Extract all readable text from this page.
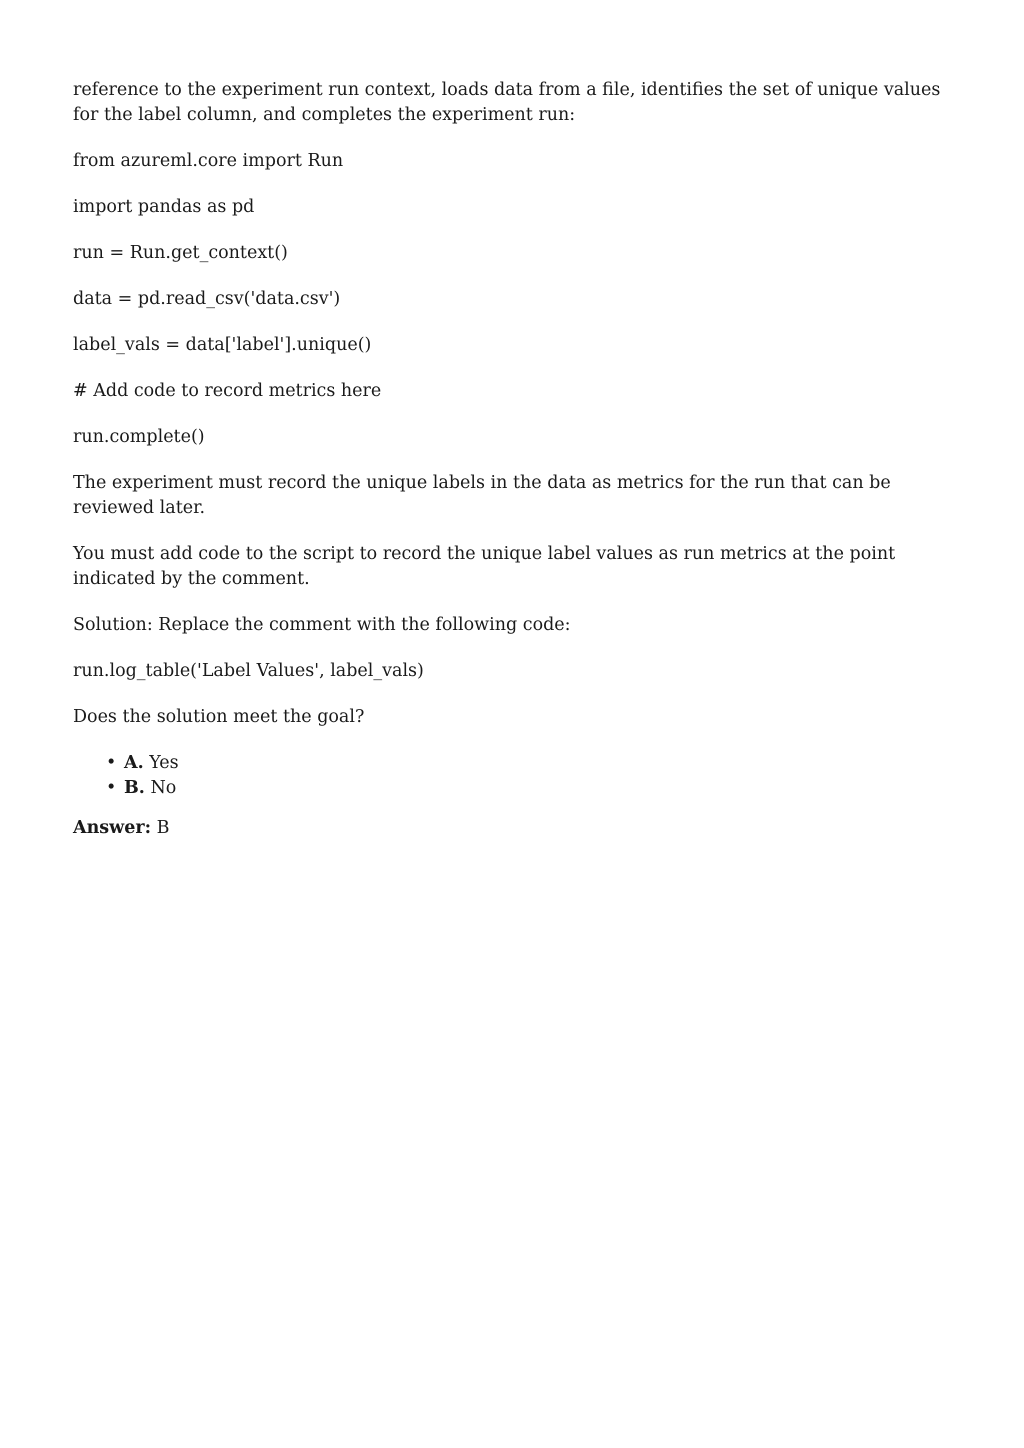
reference to the experiment run context, loads data from a file, identifies the set of unique values for the label column, and completes the experiment run:

from azureml.core import Run

import pandas as pd

run = Run.get_context()

data = pd.read_csv('data.csv')

label_vals = data['label'].unique()

# Add code to record metrics here

run.complete()

The experiment must record the unique labels in the data as metrics for the run that can be reviewed later.

You must add code to the script to record the unique label values as run metrics at the point indicated by the comment.

Solution: Replace the comment with the following code:

run.log_table('Label Values', label_vals)

Does the solution meet the goal?

• A. Yes
• B. No

Answer: B
